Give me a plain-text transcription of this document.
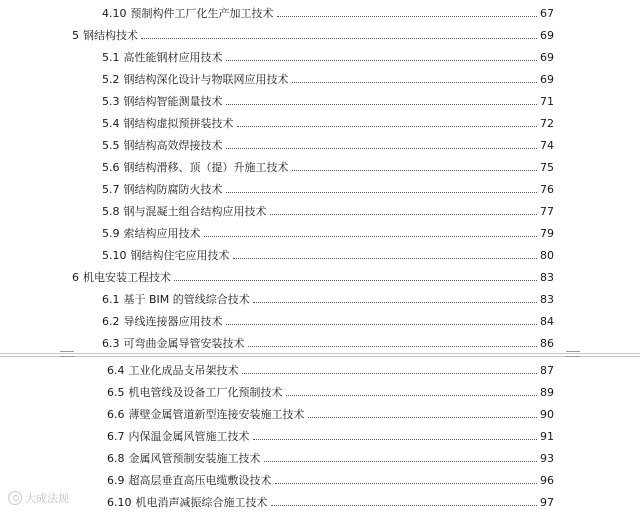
4.10 预制构件工厂化生产加工技术	67
5 钢结构技术	69
5.1 高性能钢材应用技术	69
5.2 钢结构深化设计与物联网应用技术	69
5.3 钢结构智能测量技术	71
5.4 钢结构虚拟预拼装技术	72
5.5 钢结构高效焊接技术	74
5.6 钢结构滑移、顶（提）升施工技术	75
5.7 钢结构防腐防火技术	76
5.8 钢与混凝土组合结构应用技术	77
5.9 索结构应用技术	79
5.10 钢结构住宅应用技术	80
6 机电安装工程技术	83
6.1 基于 BIM 的管线综合技术	83
6.2 导线连接器应用技术	84
6.3 可弯曲金属导管安装技术	86
6.4 工业化成品支吊架技术	87
6.5 机电管线及设备工厂化预制技术	89
6.6 薄壁金属管道新型连接安装施工技术	90
6.7 内保温金属风管施工技术	91
6.8 金属风管预制安装施工技术	93
6.9 超高层垂直高压电缆敷设技术	96
6.10 机电消声减振综合施工技术	97
大成法规
